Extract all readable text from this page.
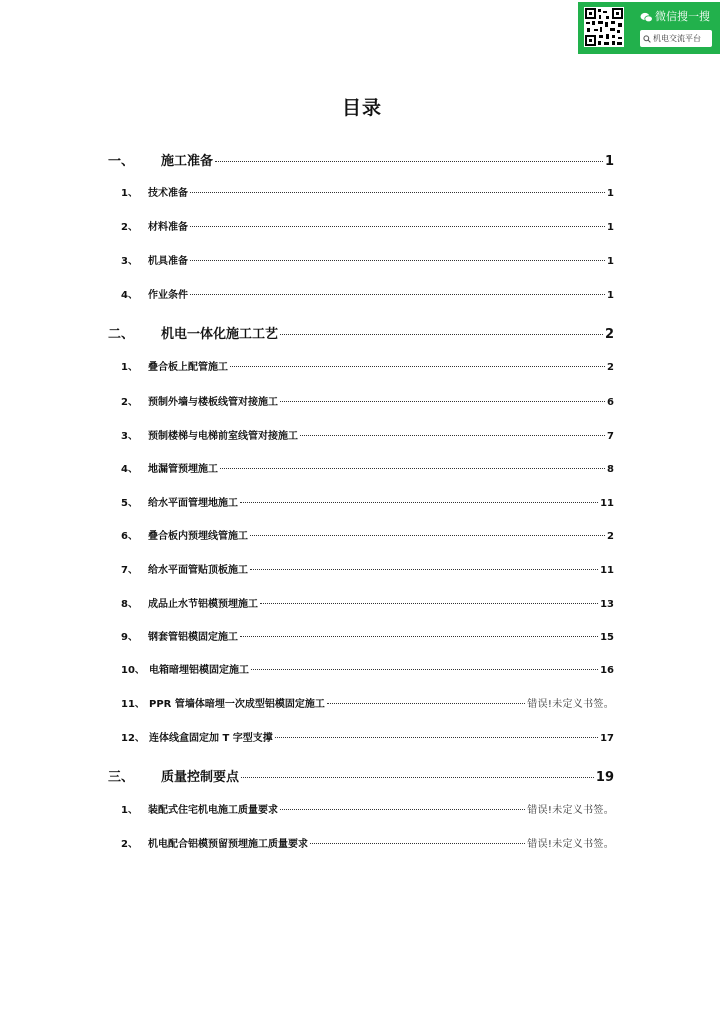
微信搜一搜
机电交流平台
目录
一、	施工准备	1
1、	技术准备	1
2、	材料准备	1
3、	机具准备	1
4、	作业条件	1
二、	机电一体化施工工艺	2
1、	叠合板上配管施工	2
2、	预制外墙与楼板线管对接施工	6
3、	预制楼梯与电梯前室线管对接施工	7
4、	地漏管预埋施工	8
5、	给水平面管埋地施工	11
6、	叠合板内预埋线管施工	2
7、	给水平面管贴顶板施工	11
8、	成品止水节铝模预埋施工	13
9、	钢套管铝模固定施工	15
10、 电箱暗埋铝模固定施工	16
11、 PPR 管墙体暗埋一次成型铝模固定施工	错误!未定义书签。
12、 连体线盒固定加 T 字型支撑	17
三、	质量控制要点	19
1、	装配式住宅机电施工质量要求	错误!未定义书签。
2、	机电配合铝模预留预埋施工质量要求	错误!未定义书签。
